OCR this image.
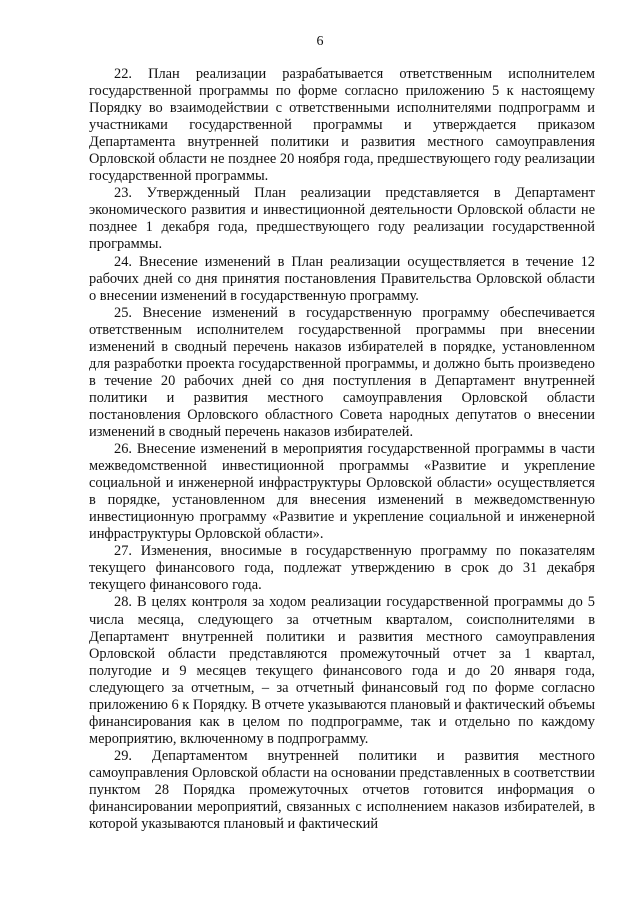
6

22. План реализации разрабатывается ответственным исполнителем государственной программы по форме согласно приложению 5 к настоящему Порядку во взаимодействии с ответственными исполнителями подпрограмм и участниками государственной программы и утверждается приказом Департамента внутренней политики и развития местного самоуправления Орловской области не позднее 20 ноября года, предшествующего году реализации государственной программы.

23. Утвержденный План реализации представляется в Департамент экономического развития и инвестиционной деятельности Орловской области не позднее 1 декабря года, предшествующего году реализации государственной программы.

24. Внесение изменений в План реализации осуществляется в течение 12 рабочих дней со дня принятия постановления Правительства Орловской области о внесении изменений в государственную программу.

25. Внесение изменений в государственную программу обеспечивается ответственным исполнителем государственной программы при внесении изменений в сводный перечень наказов избирателей в порядке, установленном для разработки проекта государственной программы, и должно быть произведено в течение 20 рабочих дней со дня поступления в Департамент внутренней политики и развития местного самоуправления Орловской области постановления Орловского областного Совета народных депутатов о внесении изменений в сводный перечень наказов избирателей.

26. Внесение изменений в мероприятия государственной программы в части межведомственной инвестиционной программы «Развитие и укрепление социальной и инженерной инфраструктуры Орловской области» осуществляется в порядке, установленном для внесения изменений в межведомственную инвестиционную программу «Развитие и укрепление социальной и инженерной инфраструктуры Орловской области».

27. Изменения, вносимые в государственную программу по показателям текущего финансового года, подлежат утверждению в срок до 31 декабря текущего финансового года.

28. В целях контроля за ходом реализации государственной программы до 5 числа месяца, следующего за отчетным кварталом, соисполнителями в Департамент внутренней политики и развития местного самоуправления Орловской области представляются промежуточный отчет за 1 квартал, полугодие и 9 месяцев текущего финансового года и до 20 января года, следующего за отчетным, – за отчетный финансовый год по форме согласно приложению 6 к Порядку. В отчете указываются плановый и фактический объемы финансирования как в целом по подпрограмме, так и отдельно по каждому мероприятию, включенному в подпрограмму.

29. Департаментом внутренней политики и развития местного самоуправления Орловской области на основании представленных в соответствии пунктом 28 Порядка промежуточных отчетов готовится информация о финансировании мероприятий, связанных с исполнением наказов избирателей, в которой указываются плановый и фактический
